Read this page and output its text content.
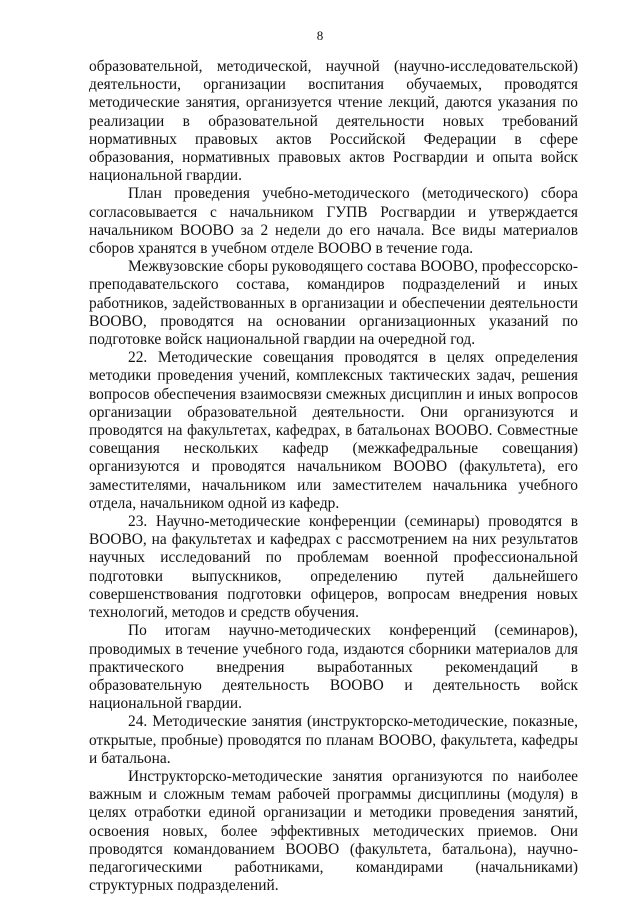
8

образовательной, методической, научной (научно-исследовательской) деятельности, организации воспитания обучаемых, проводятся методические занятия, организуется чтение лекций, даются указания по реализации в образовательной деятельности новых требований нормативных правовых актов Российской Федерации в сфере образования, нормативных правовых актов Росгвардии и опыта войск национальной гвардии.

План проведения учебно-методического (методического) сбора согласовывается с начальником ГУПВ Росгвардии и утверждается начальником ВООВО за 2 недели до его начала. Все виды материалов сборов хранятся в учебном отделе ВООВО в течение года.

Межвузовские сборы руководящего состава ВООВО, профессорско-преподавательского состава, командиров подразделений и иных работников, задействованных в организации и обеспечении деятельности ВООВО, проводятся на основании организационных указаний по подготовке войск национальной гвардии на очередной год.

22. Методические совещания проводятся в целях определения методики проведения учений, комплексных тактических задач, решения вопросов обеспечения взаимосвязи смежных дисциплин и иных вопросов организации образовательной деятельности. Они организуются и проводятся на факультетах, кафедрах, в батальонах ВООВО. Совместные совещания нескольких кафедр (межкафедральные совещания) организуются и проводятся начальником ВООВО (факультета), его заместителями, начальником или заместителем начальника учебного отдела, начальником одной из кафедр.

23. Научно-методические конференции (семинары) проводятся в ВООВО, на факультетах и кафедрах с рассмотрением на них результатов научных исследований по проблемам военной профессиональной подготовки выпускников, определению путей дальнейшего совершенствования подготовки офицеров, вопросам внедрения новых технологий, методов и средств обучения.

По итогам научно-методических конференций (семинаров), проводимых в течение учебного года, издаются сборники материалов для практического внедрения выработанных рекомендаций в образовательную деятельность ВООВО и деятельность войск национальной гвардии.

24. Методические занятия (инструкторско-методические, показные, открытые, пробные) проводятся по планам ВООВО, факультета, кафедры и батальона.

Инструкторско-методические занятия организуются по наиболее важным и сложным темам рабочей программы дисциплины (модуля) в целях отработки единой организации и методики проведения занятий, освоения новых, более эффективных методических приемов. Они проводятся командованием ВООВО (факультета, батальона), научно-педагогическими работниками, командирами (начальниками) структурных подразделений.
